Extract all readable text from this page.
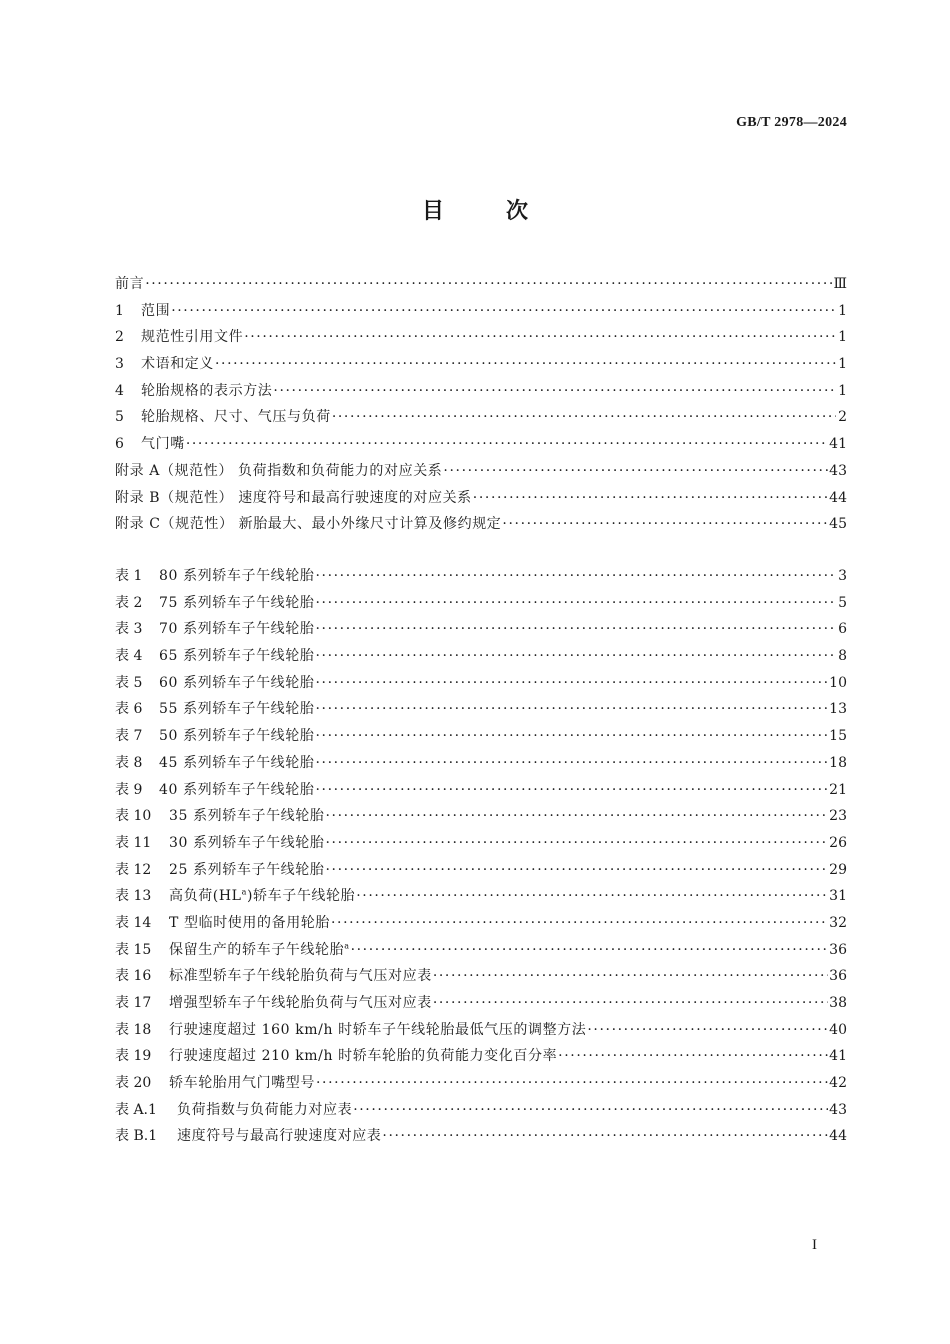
GB/T 2978—2024
目	次
前言 ·····	Ⅲ
1	范围 ·····	1
2	规范性引用文件 ·····	1
3	术语和定义 ·····	1
4	轮胎规格的表示方法 ·····	1
5	轮胎规格、尺寸、气压与负荷 ·····	2
6	气门嘴 ·····	41
附录 A（规范性） 负荷指数和负荷能力的对应关系 ·····	43
附录 B（规范性） 速度符号和最高行驶速度的对应关系 ·····	44
附录 C（规范性） 新胎最大、最小外缘尺寸计算及修约规定 ·····	45
表 1	80 系列轿车子午线轮胎 ·····	3
表 2	75 系列轿车子午线轮胎 ·····	5
表 3	70 系列轿车子午线轮胎 ·····	6
表 4	65 系列轿车子午线轮胎 ·····	8
表 5	60 系列轿车子午线轮胎 ·····	10
表 6	55 系列轿车子午线轮胎 ·····	13
表 7	50 系列轿车子午线轮胎 ·····	15
表 8	45 系列轿车子午线轮胎 ·····	18
表 9	40 系列轿车子午线轮胎 ·····	21
表 10	35 系列轿车子午线轮胎 ·····	23
表 11	30 系列轿车子午线轮胎 ·····	26
表 12	25 系列轿车子午线轮胎 ·····	29
表 13	高负荷$(HL^a)$轿车子午线轮胎 ·····	31
表 14	T 型临时使用的备用轮胎 ·····	32
表 15	保留生产的轿车子午线轮胎$^a$ ·····	36
表 16	标准型轿车子午线轮胎负荷与气压对应表 ·····	36
表 17	增强型轿车子午线轮胎负荷与气压对应表 ·····	38
表 18	行驶速度超过 160 km/h 时轿车子午线轮胎最低气压的调整方法 ·····	40
表 19	行驶速度超过 210 km/h 时轿车轮胎的负荷能力变化百分率 ·····	41
表 20	轿车轮胎用气门嘴型号 ·····	42
表 A.1	负荷指数与负荷能力对应表 ·····	43
表 B.1	速度符号与最高行驶速度对应表 ·····	44
I
